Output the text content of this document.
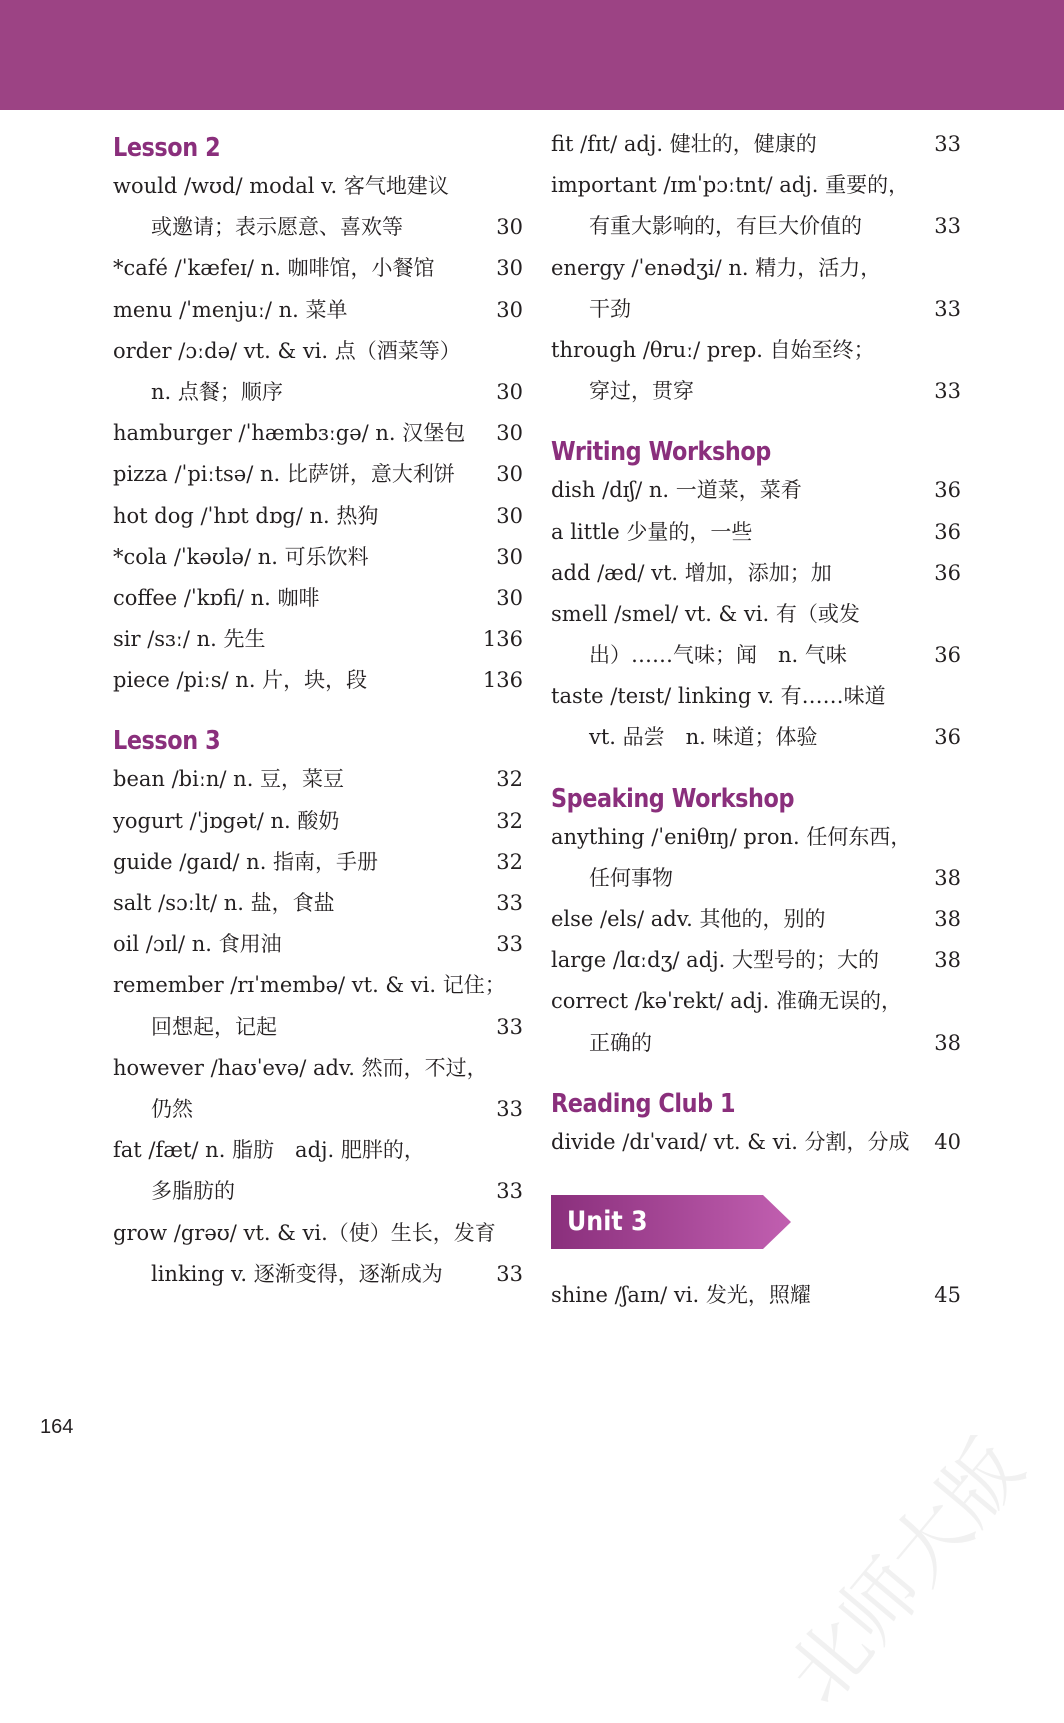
Lesson 2
would /wʊd/ modal v. 客气地建议
或邀请；表示愿意、喜欢等	30
*café /ˈkæfeɪ/ n. 咖啡馆，小餐馆	30
menu /ˈmenjuː/ n. 菜单	30
order /ɔːdə/ vt. & vi. 点（酒菜等）
n. 点餐；顺序	30
hamburger /ˈhæmbɜːgə/ n. 汉堡包 30
pizza /ˈpiːtsə/ n. 比萨饼，意大利饼 30
hot dog /ˈhɒt dɒg/ n. 热狗	30
*cola /ˈkəʊlə/ n. 可乐饮料	30
coffee /ˈkɒfi/ n. 咖啡	30
sir /sɜː/ n. 先生	136
piece /piːs/ n. 片，块，段	136
Lesson 3
bean /biːn/ n. 豆，菜豆	32
yogurt /ˈjɒgət/ n. 酸奶	32
guide /gaɪd/ n. 指南，手册	32
salt /sɔːlt/ n. 盐，食盐	33
oil /ɔɪl/ n. 食用油	33
remember /rɪˈmembə/ vt. & vi. 记住；
回想起，记起	33
however /haʊˈevə/ adv. 然而，不过，
仍然	33
fat /fæt/ n. 脂肪　adj. 肥胖的，
多脂肪的	33
grow /grəʊ/ vt. & vi.（使）生长，发育
linking v. 逐渐变得，逐渐成为	33
fit /fɪt/ adj. 健壮的，健康的	33
important /ɪmˈpɔːtnt/ adj. 重要的，
有重大影响的，有巨大价值的	33
energy /ˈenədʒi/ n. 精力，活力，
干劲	33
through /θruː/ prep. 自始至终；
穿过，贯穿	33
Writing Workshop
dish /dɪʃ/ n. 一道菜，菜肴	36
a little 少量的，一些	36
add /æd/ vt. 增加，添加；加	36
smell /smel/ vt. & vi. 有（或发
出）……气味；闻　n. 气味	36
taste /teɪst/ linking v. 有……味道
vt. 品尝　n. 味道；体验	36
Speaking Workshop
anything /ˈeniθɪŋ/ pron. 任何东西，
任何事物	38
else /els/ adv. 其他的，别的	38
large /lɑːdʒ/ adj. 大型号的；大的	38
correct /kəˈrekt/ adj. 准确无误的，
正确的	38
Reading Club 1
divide /dɪˈvaɪd/ vt. & vi. 分割，分成 40
Unit 3
shine /ʃaɪn/ vi. 发光，照耀	45
164	北师大版
